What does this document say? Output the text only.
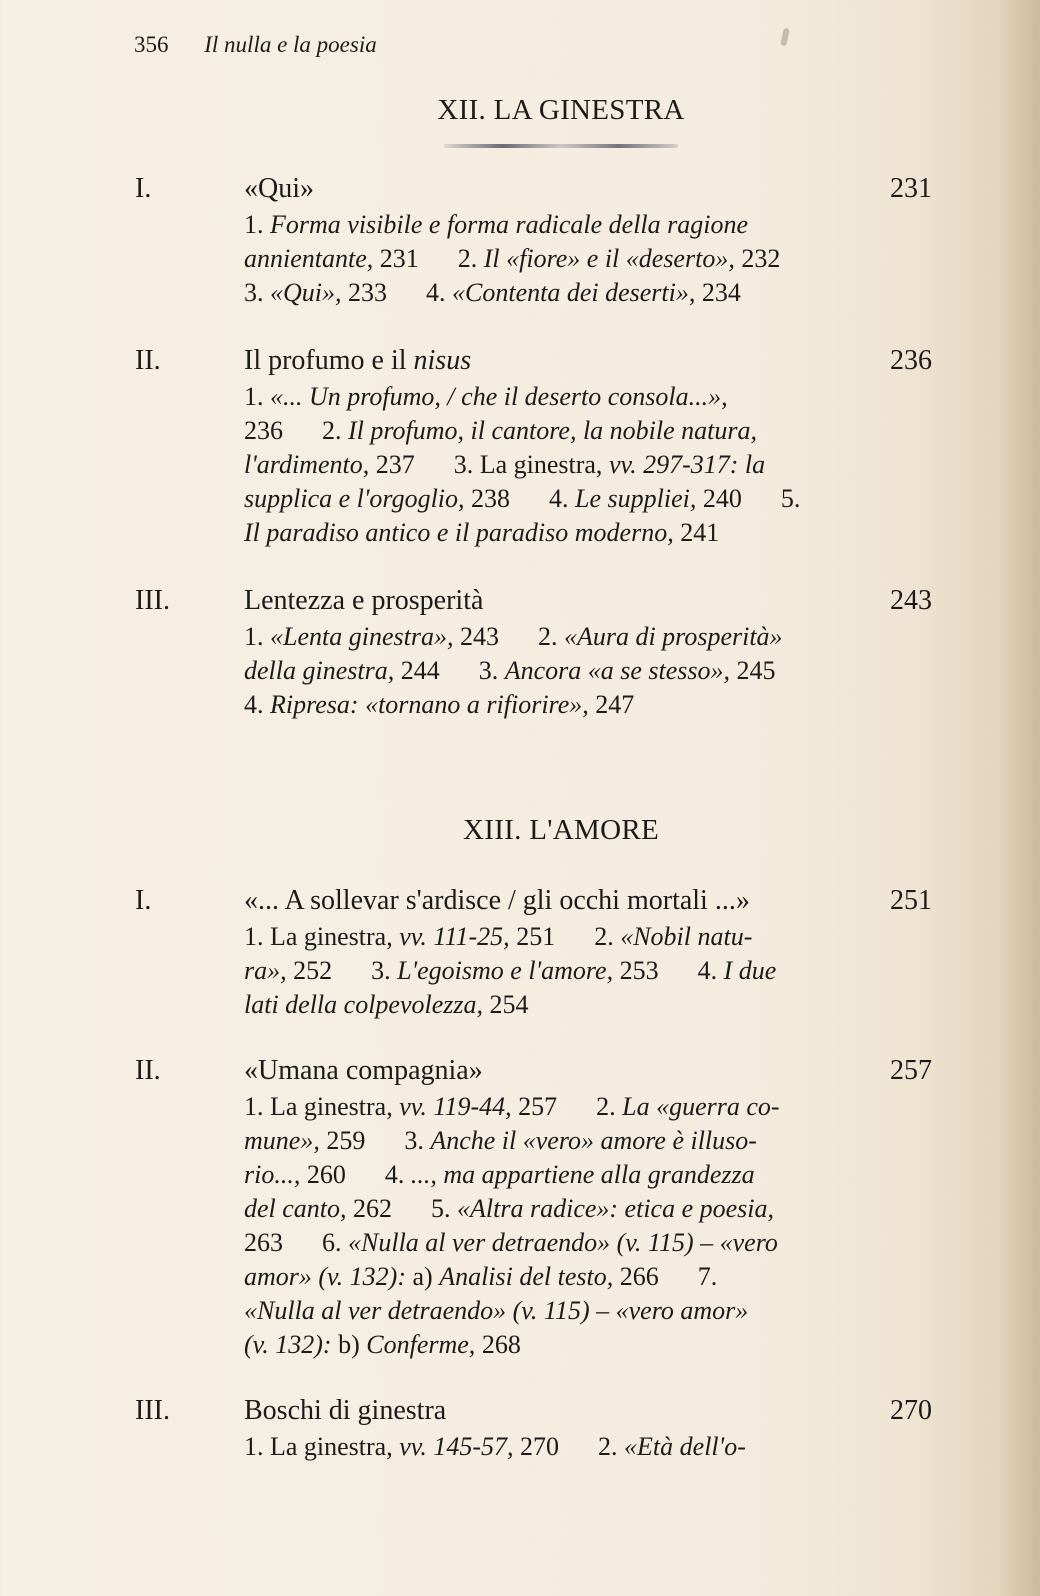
356 Il nulla e la poesia
XII. LA GINESTRA
I.	«Qui»	231
1. Forma visibile e forma radicale della ragione
annientante, 231  2. Il «fiore» e il «deserto», 232
3. «Qui», 233  4. «Contenta dei deserti», 234
II.	Il profumo e il nisus	236
1. «... Un profumo, / che il deserto consola...»,
236  2. Il profumo, il cantore, la nobile natura,
l'ardimento, 237  3. La ginestra, vv. 297-317: la
supplica e l'orgoglio, 238  4. Le suppliei, 240  5.
Il paradiso antico e il paradiso moderno, 241
III.	Lentezza e prosperità	243
1. «Lenta ginestra», 243  2. «Aura di prosperità»
della ginestra, 244  3. Ancora «a se stesso», 245
4. Ripresa: «tornano a rifiorire», 247
XIII. L'AMORE
I.	«... A sollevar s'ardisce / gli occhi mortali ...»	251
1. La ginestra, vv. 111-25, 251  2. «Nobil natu-
ra», 252  3. L'egoismo e l'amore, 253  4. I due
lati della colpevolezza, 254
II.	«Umana compagnia»	257
1. La ginestra, vv. 119-44, 257  2. La «guerra co-
mune», 259  3. Anche il «vero» amore è illuso-
rio..., 260  4. ..., ma appartiene alla grandezza
del canto, 262  5. «Altra radice»: etica e poesia,
263  6. «Nulla al ver detraendo» (v. 115) – «vero
amor» (v. 132): a) Analisi del testo, 266  7.
«Nulla al ver detraendo» (v. 115) – «vero amor»
(v. 132): b) Conferme, 268
III.	Boschi di ginestra	270
1. La ginestra, vv. 145-57, 270  2. «Età dell'o-
